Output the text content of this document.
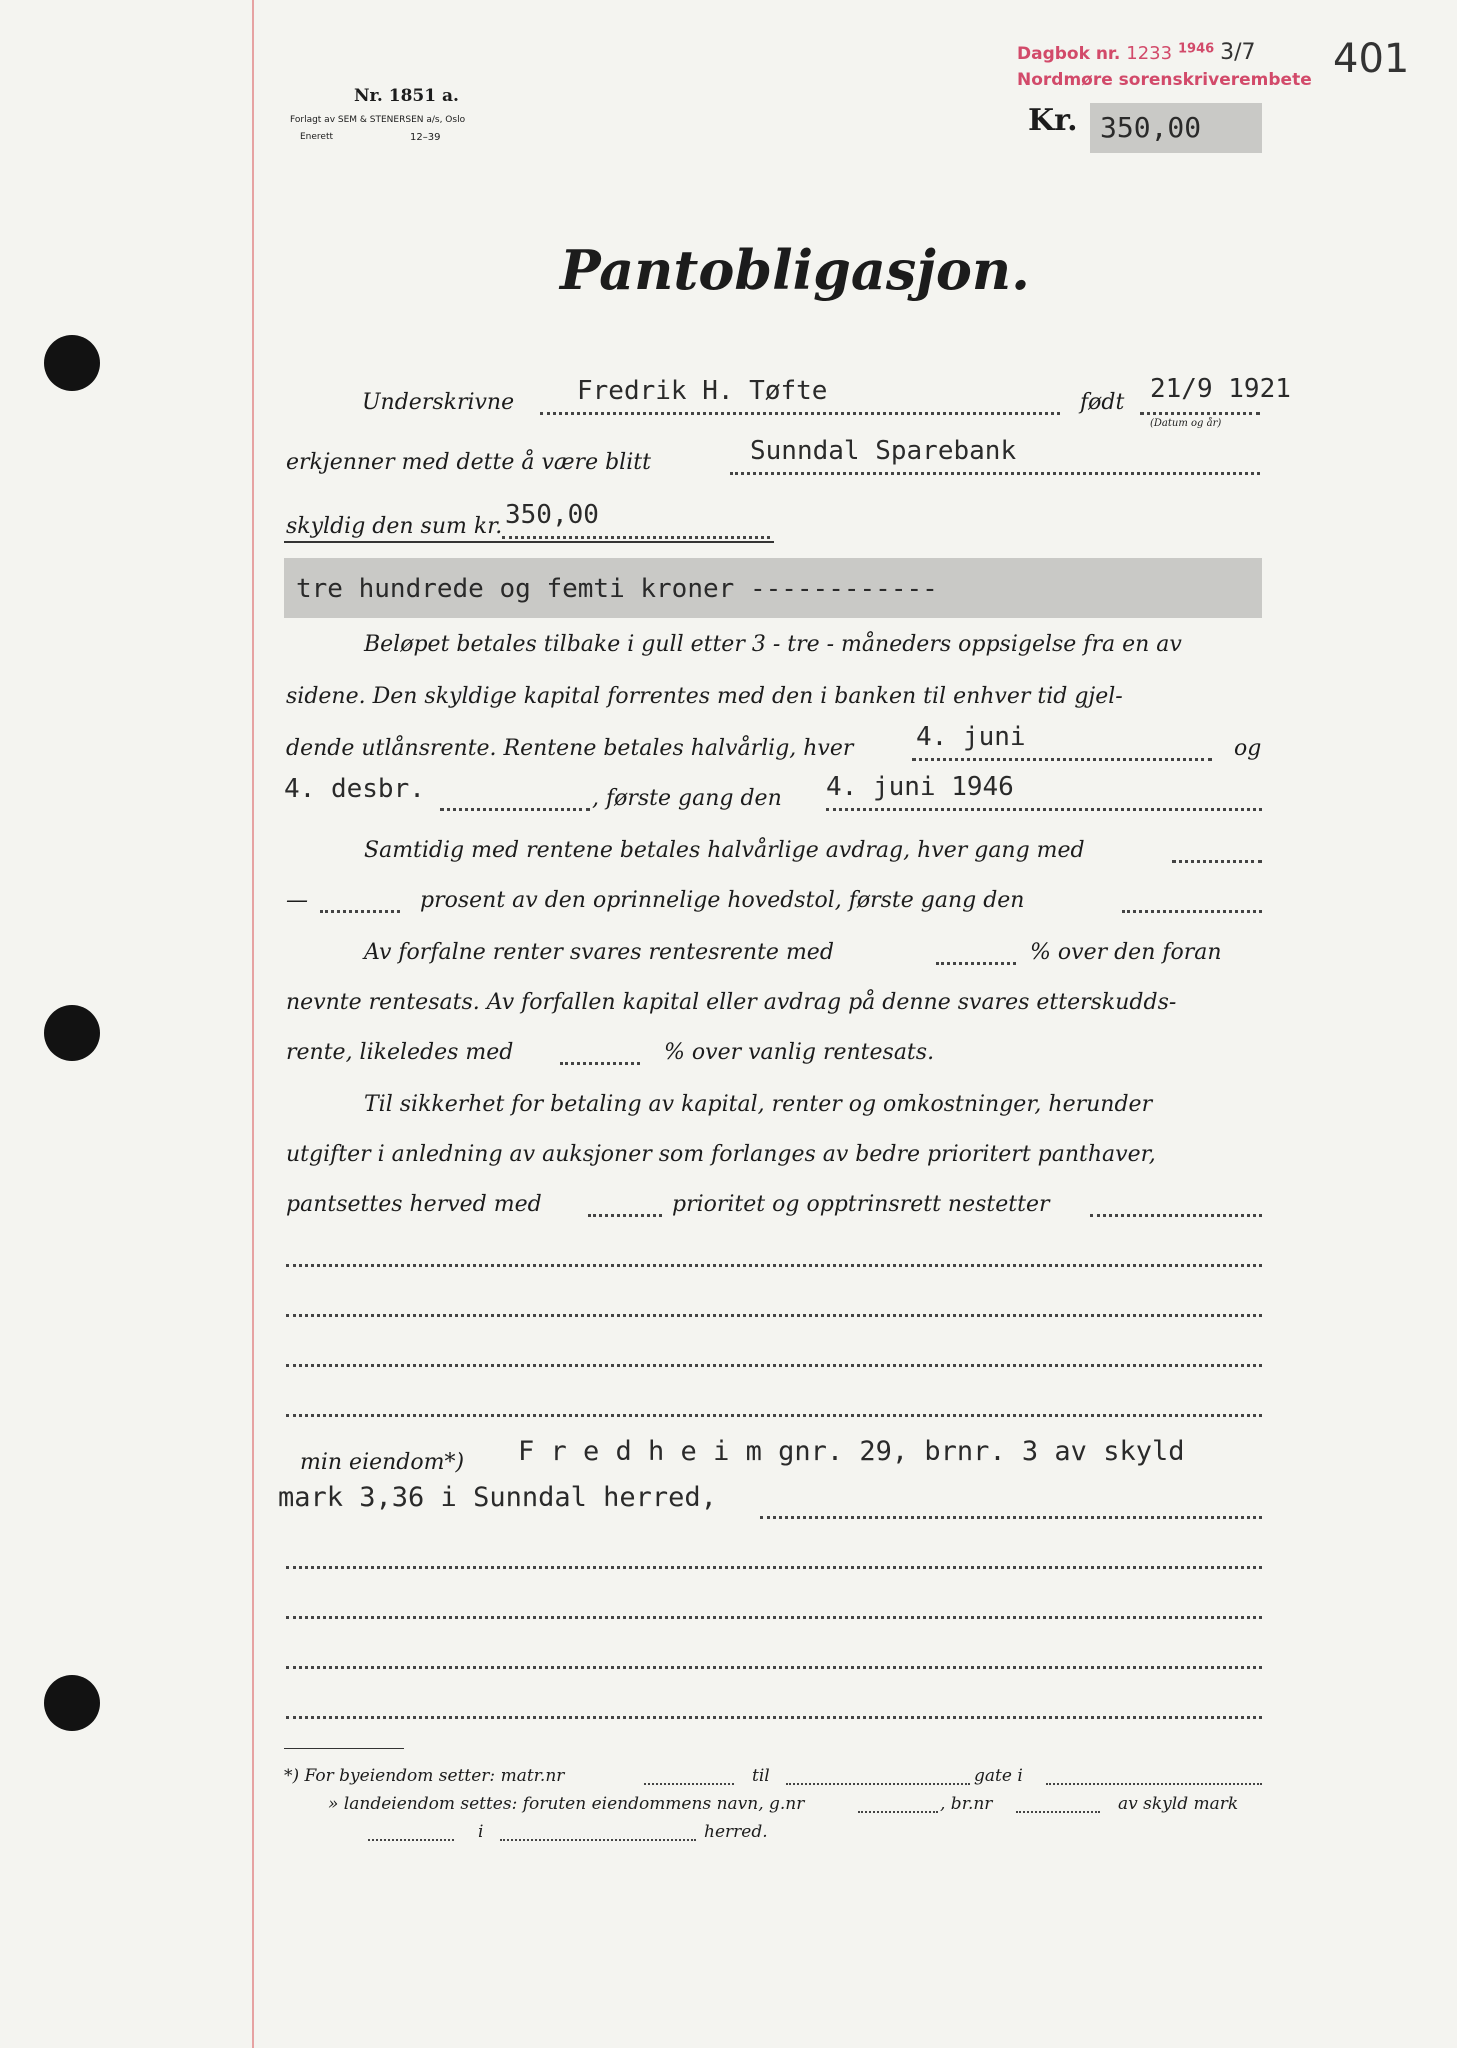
Nr. 1851 a.
Forlagt av SEM & STENERSEN a/s, Oslo
Enerett	12–39
Dagbok nr. 1233 $^{1946}$ 3/7
Nordmøre sorenskriverembete 401
Kr. 350,00
Pantobligasjon.
Underskrivne Fredrik H. Tøfte	født 21/9 1921
(Datum og år)
erkjenner med dette å være blitt	Sunndal Sparebank
skyldig den sum kr. 350,00
tre hundrede og femti kroner ------------
Beløpet betales tilbake i gull etter 3 - tre - måneders oppsigelse fra en av
sidene. Den skyldige kapital forrentes med den i banken til enhver tid gjel-
dende utlånsrente. Rentene betales halvårlig, hver 4. juni	og
4. desbr.	, første gang den 4. juni 1946
Samtidig med rentene betales halvårlige avdrag, hver gang med
—	prosent av den oprinnelige hovedstol, første gang den
Av forfalne renter svares rentesrente med	% over den foran
nevnte rentesats. Av forfallen kapital eller avdrag på denne svares etterskudds-
rente, likeledes med	% over vanlig rentesats.
Til sikkerhet for betaling av kapital, renter og omkostninger, herunder
utgifter i anledning av auksjoner som forlanges av bedre prioritert panthaver,
pantsettes herved med	prioritet og opptrinsrett nestetter
min eiendom*) F r e d h e i m gnr. 29, brnr. 3 av skyld
mark 3,36 i Sunndal herred,
*) For byeiendom setter: matr.nr	til	gate i
» landeiendom settes: foruten eiendommens navn, g.nr	, br.nr	av skyld mark
i	herred.
